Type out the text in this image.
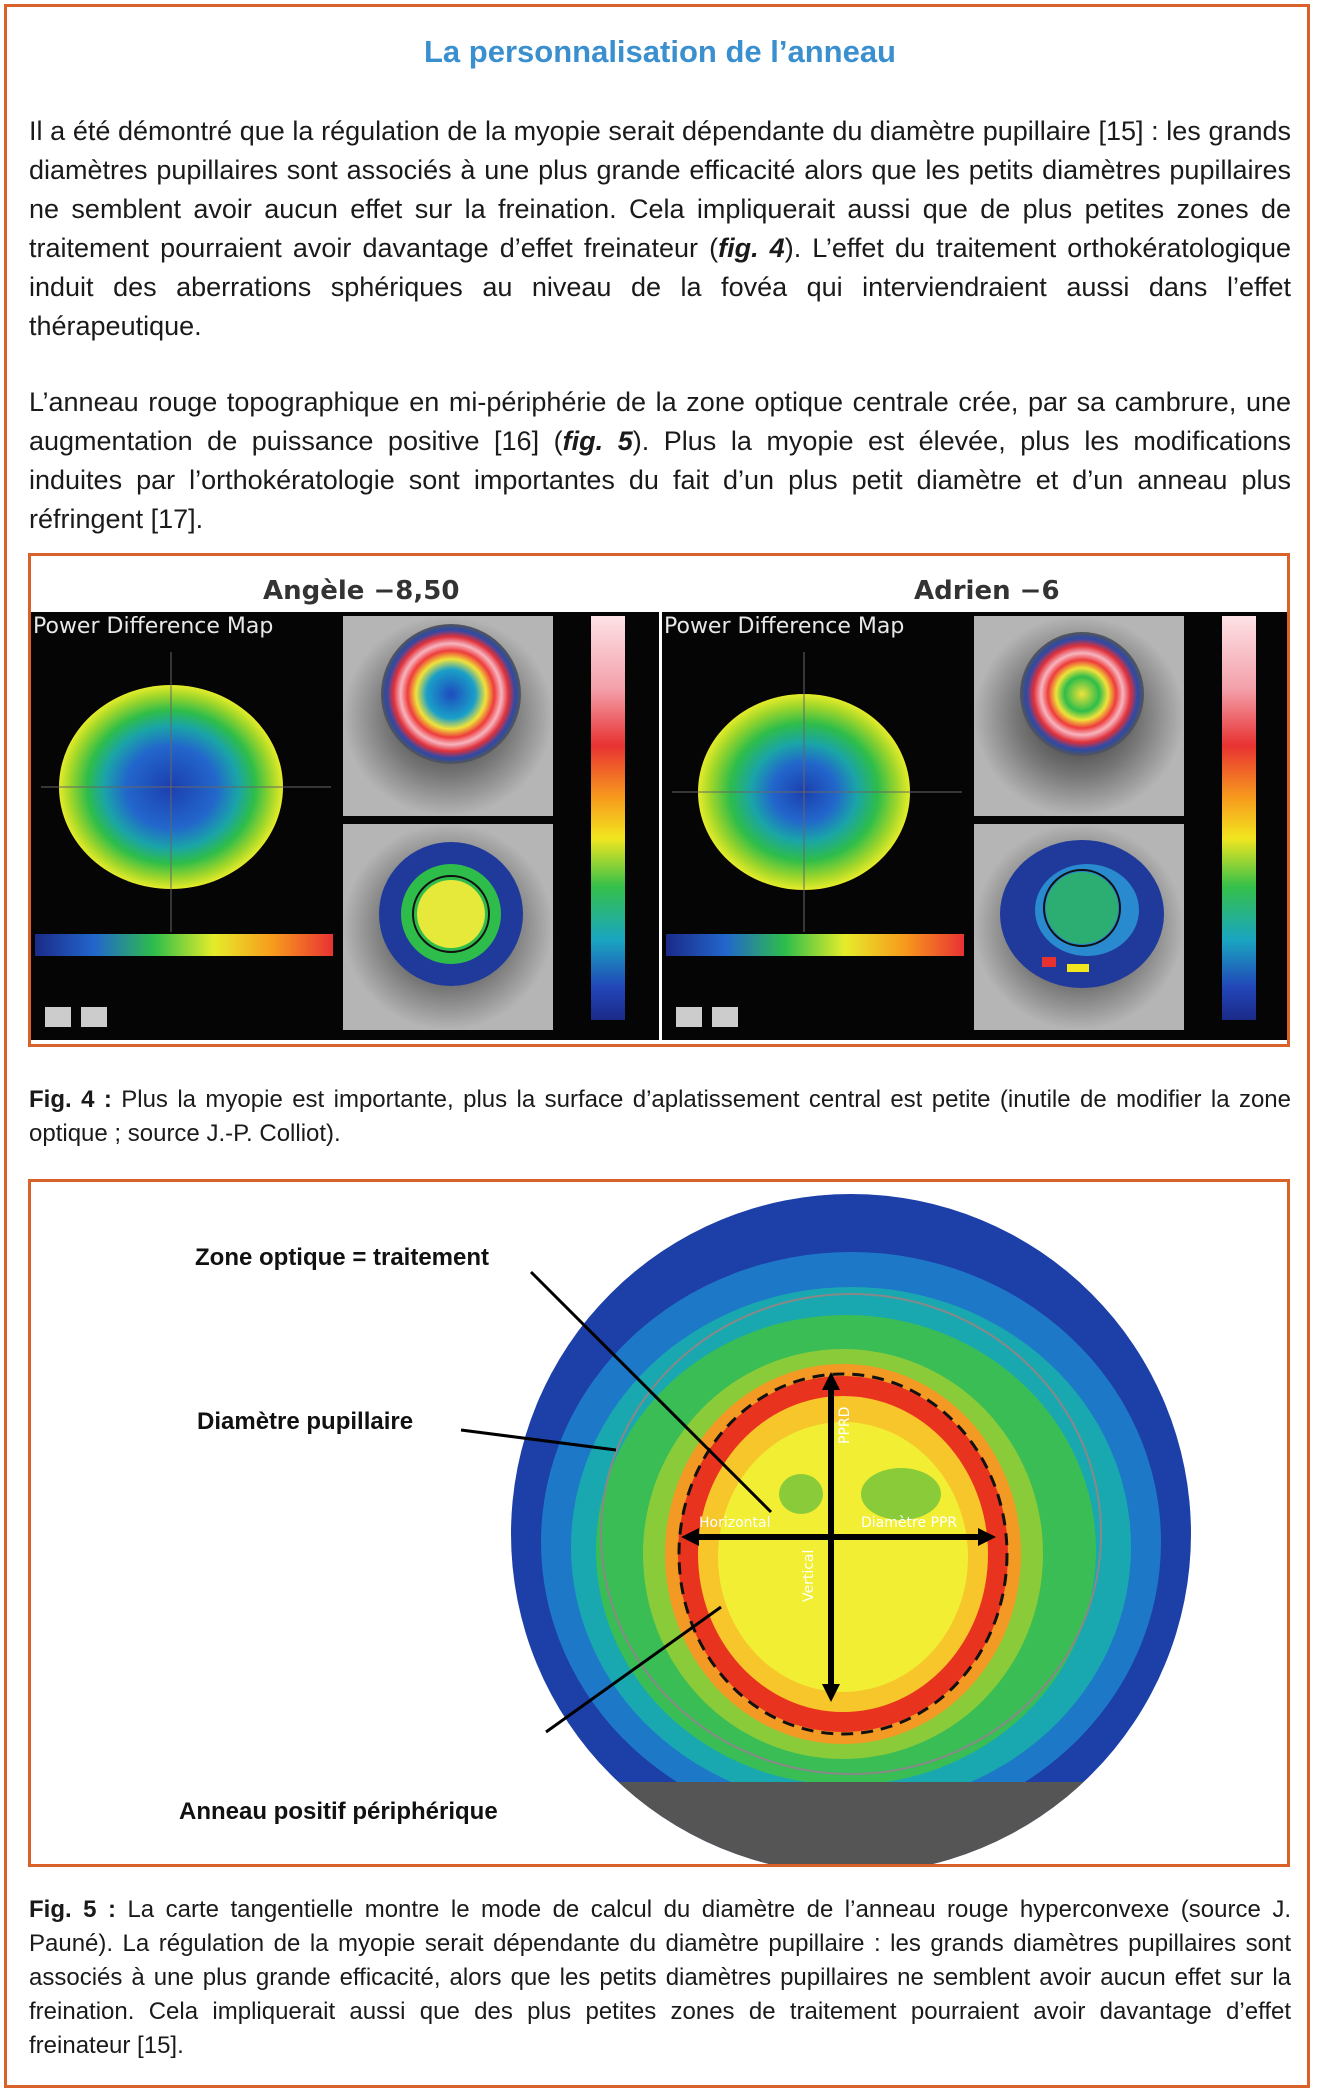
La personnalisation de l’anneau
Il a été démontré que la régulation de la myopie serait dépendante du diamètre pupillaire [15] : les grands diamètres pupillaires sont associés à une plus grande efficacité alors que les petits diamètres pupillaires ne semblent avoir aucun effet sur la freination. Cela impliquerait aussi que de plus petites zones de traitement pourraient avoir davantage d’effet freinateur (fig. 4). L’effet du traitement orthokératologique induit des aberrations sphériques au niveau de la fovéa qui interviendraient aussi dans l’effet thérapeutique.
L’anneau rouge topographique en mi-périphérie de la zone optique centrale crée, par sa cambrure, une augmentation de puissance positive [16] (fig. 5). Plus la myopie est élevée, plus les modifications induites par l’orthokératologie sont importantes du fait d’un plus petit diamètre et d’un anneau plus réfringent [17].
Angèle −8,50	Adrien −6
Power Difference Map	Power Difference Map
Fig. 4 : Plus la myopie est importante, plus la surface d’aplatissement central est petite (inutile de modifier la zone optique ; source J.-P. Colliot).
Zone optique = traitement
Diamètre pupillaire
Anneau positif périphérique
Horizontal	Diamètre PPR
Vertical
PPRD
Fig. 5 : La carte tangentielle montre le mode de calcul du diamètre de l’anneau rouge hyperconvexe (source J. Pauné). La régulation de la myopie serait dépendante du diamètre pupillaire : les grands diamètres pupillaires sont associés à une plus grande efficacité, alors que les petits diamètres pupillaires ne semblent avoir aucun effet sur la freination. Cela impliquerait aussi que des plus petites zones de traitement pourraient avoir davantage d’effet freinateur [15].
